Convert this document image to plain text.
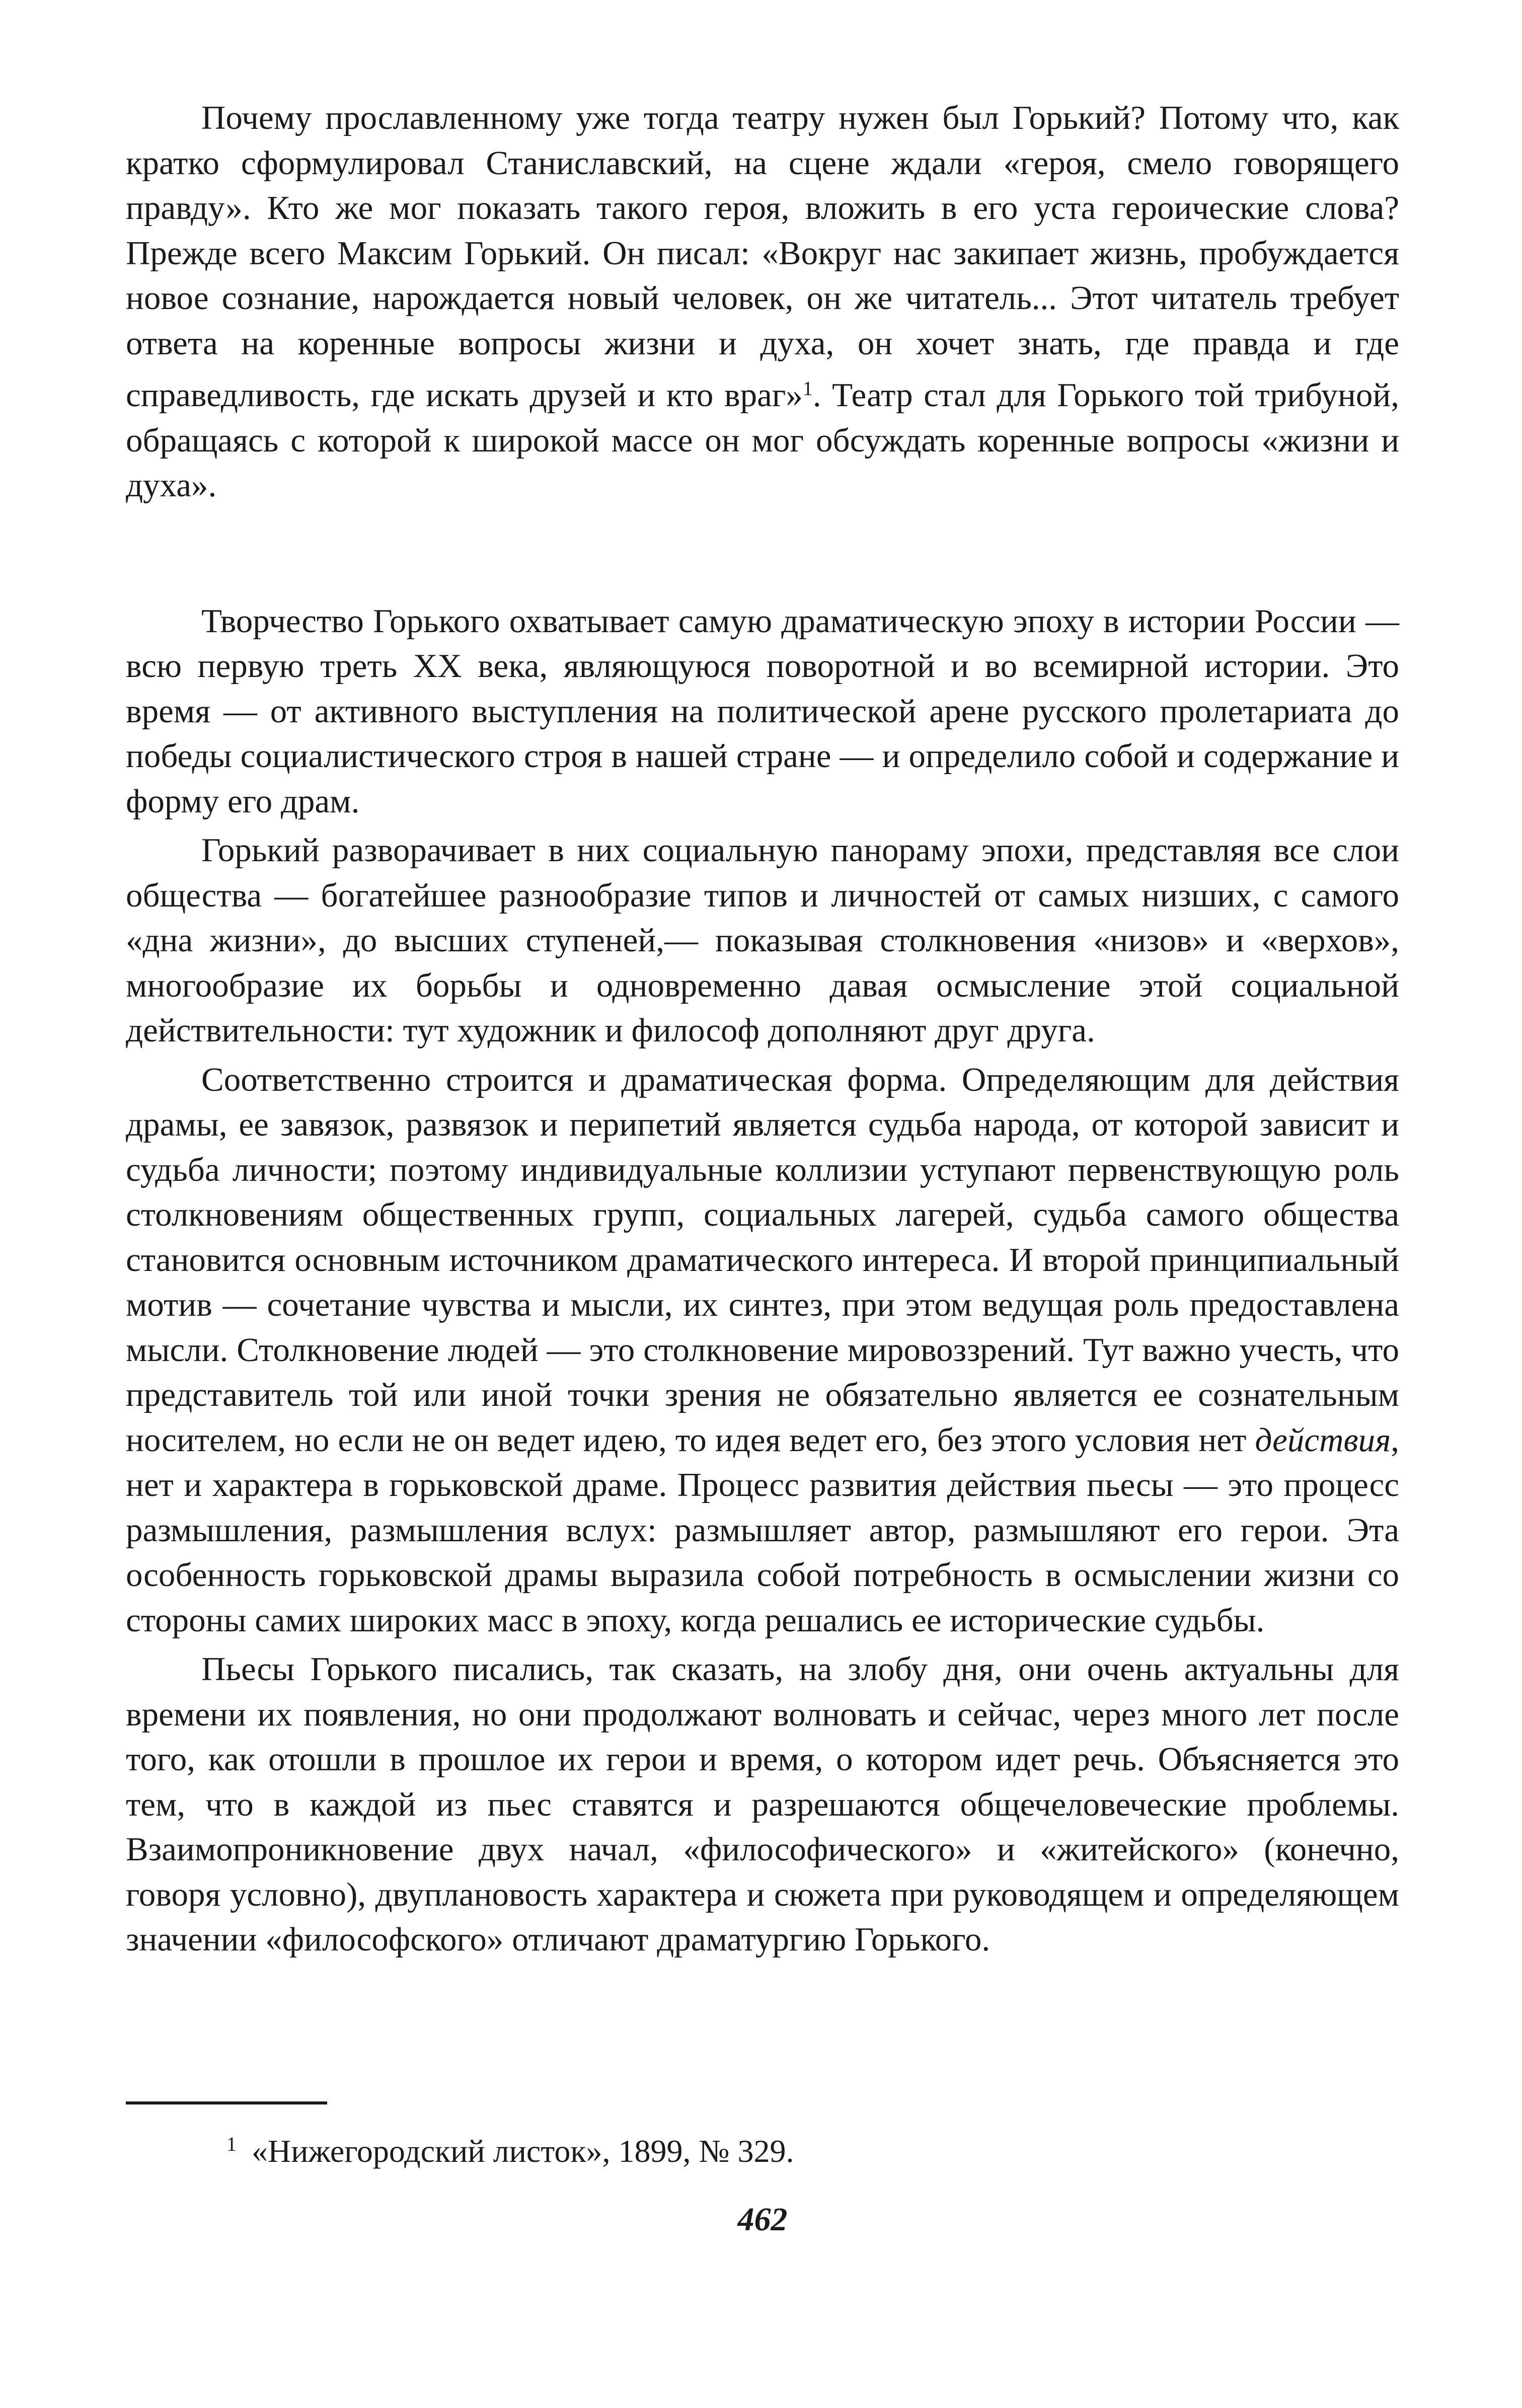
Почему прославленному уже тогда театру нужен был Горький? Потому что, как кратко сформулировал Станиславский, на сцене ждали «героя, смело говорящего правду». Кто же мог показать такого героя, вложить в его уста героические слова? Прежде всего Максим Горький. Он писал: «Вокруг нас закипает жизнь, пробуждается новое сознание, нарождается новый человек, он же читатель... Этот читатель требует ответа на коренные вопросы жизни и духа, он хочет знать, где правда и где справедливость, где искать друзей и кто враг»$^1$. Театр стал для Горького той трибуной, обращаясь с которой к широкой массе он мог обсуждать коренные вопросы «жизни и духа».

Творчество Горького охватывает самую драматическую эпоху в истории России — всю первую треть XX века, являющуюся поворотной и во всемирной истории. Это время — от активного выступления на политической арене русского пролетариата до победы социалистического строя в нашей стране — и определило собой и содержание и форму его драм.

Горький разворачивает в них социальную панораму эпохи, представляя все слои общества — богатейшее разнообразие типов и личностей от самых низших, с самого «дна жизни», до высших ступеней,— показывая столкновения «низов» и «верхов», многообразие их борьбы и одновременно давая осмысление этой социальной действительности: тут художник и философ дополняют друг друга.

Соответственно строится и драматическая форма. Определяющим для действия драмы, ее завязок, развязок и перипетий является судьба народа, от которой зависит и судьба личности; поэтому индивидуальные коллизии уступают первенствующую роль столкновениям общественных групп, социальных лагерей, судьба самого общества становится основным источником драматического интереса. И второй принципиальный мотив — сочетание чувства и мысли, их синтез, при этом ведущая роль предоставлена мысли. Столкновение людей — это столкновение мировоззрений. Тут важно учесть, что представитель той или иной точки зрения не обязательно является ее сознательным носителем, но если не он ведет идею, то идея ведет его, без этого условия нет действия, нет и характера в горьковской драме. Процесс развития действия пьесы — это процесс размышления, размышления вслух: размышляет автор, размышляют его герои. Эта особенность горьковской драмы выразила собой потребность в осмыслении жизни со стороны самих широких масс в эпоху, когда решались ее исторические судьбы.

Пьесы Горького писались, так сказать, на злобу дня, они очень актуальны для времени их появления, но они продолжают волновать и сейчас, через много лет после того, как отошли в прошлое их герои и время, о котором идет речь. Объясняется это тем, что в каждой из пьес ставятся и разрешаются общечеловеческие проблемы. Взаимопроникновение двух начал, «философического» и «житейского» (конечно, говоря условно), двуплановость характера и сюжета при руководящем и определяющем значении «философского» отличают драматургию Горького.

$^1$ «Нижегородский листок», 1899, № 329.
462
